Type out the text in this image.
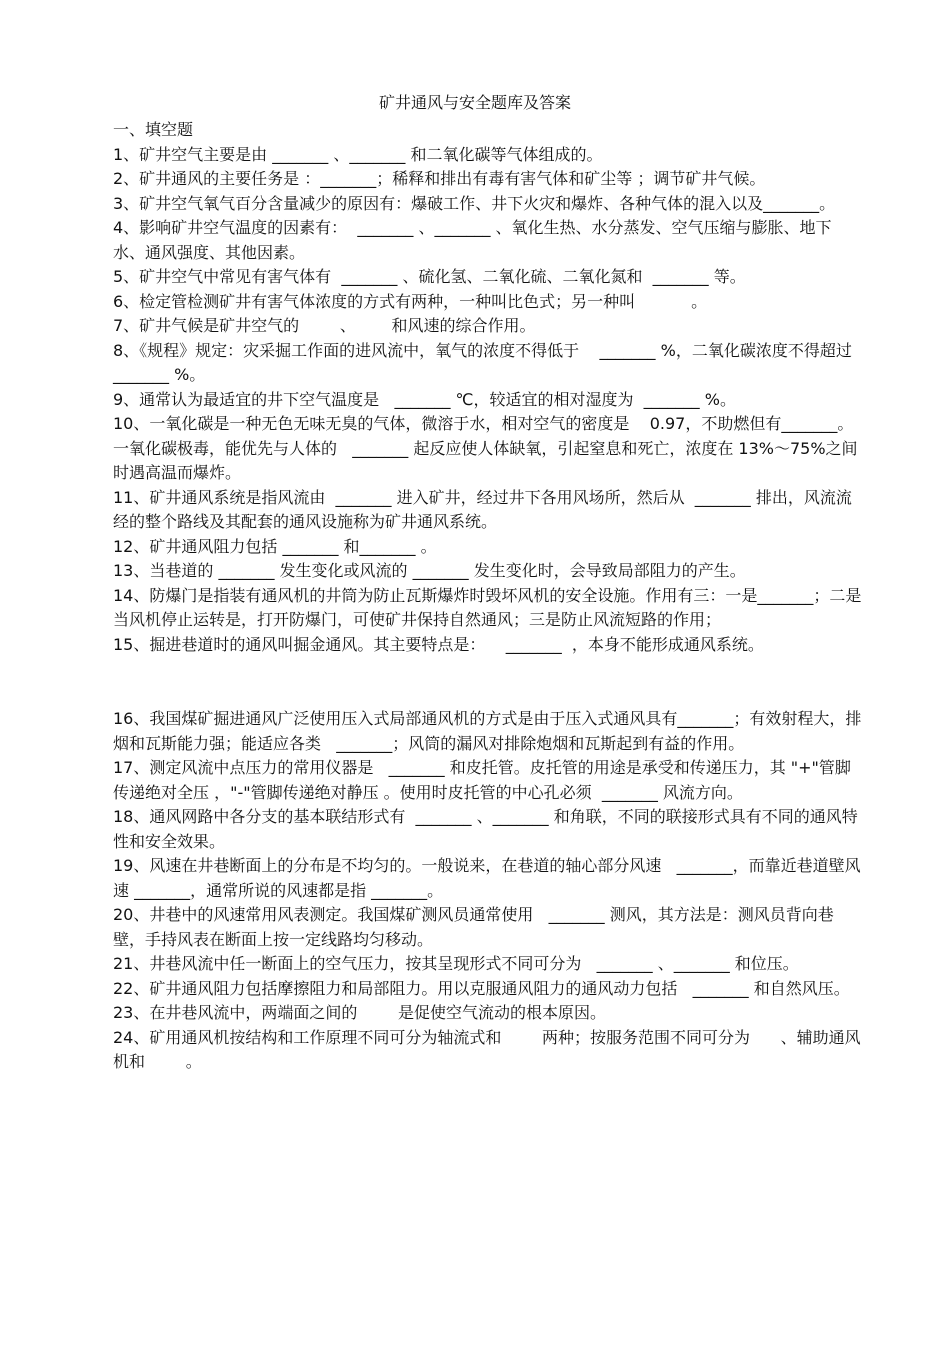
矿井通风与安全题库及答案

一、填空题

1、矿井空气主要是由 _______ 、_______ 和二氧化碳等气体组成的。

2、矿井通风的主要任务是 ：_______；稀释和排出有毒有害气体和矿尘等 ；调节矿井气候。

3、矿井空气氧气百分含量减少的原因有：爆破工作、井下火灾和爆炸、各种气体的混入以及_______。

4、影响矿井空气温度的因素有：  _______ 、_______ 、氧化生热、水分蒸发、空气压缩与膨胀、地下水、通风强度、其他因素。

5、矿井空气中常见有害气体有  _______ 、硫化氢、二氧化硫、二氧化氮和  _______ 等。

6、检定管检测矿井有害气体浓度的方式有两种，一种叫比色式；另一种叫           。

7、矿井气候是矿井空气的        、       和风速的综合作用。

8、《规程》规定：灾采掘工作面的进风流中，氧气的浓度不得低于    _______ %，二氧化碳浓度不得超过 _______ %。

9、通常认为最适宜的井下空气温度是   _______ ℃，较适宜的相对湿度为  _______ %。

10、一氧化碳是一种无色无味无臭的气体，微溶于水，相对空气的密度是    0.97，不助燃但有_______。一氧化碳极毒，能优先与人体的   _______ 起反应使人体缺氧，引起窒息和死亡，浓度在 13%～75%之间时遇高温而爆炸。

11、矿井通风系统是指风流由  _______ 进入矿井，经过井下各用风场所，然后从  _______ 排出，风流流经的整个路线及其配套的通风设施称为矿井通风系统。

12、矿井通风阻力包括 _______ 和_______ 。

13、当巷道的 _______ 发生变化或风流的 _______ 发生变化时，会导致局部阻力的产生。

14、防爆门是指装有通风机的井筒为防止瓦斯爆炸时毁坏风机的安全设施。作用有三：一是_______；二是当风机停止运转是，打开防爆门，可使矿井保持自然通风；三是防止风流短路的作用；

15、掘进巷道时的通风叫掘金通风。其主要特点是：    _______  ，本身不能形成通风系统。

16、我国煤矿掘进通风广泛使用压入式局部通风机的方式是由于压入式通风具有_______；有效射程大，排烟和瓦斯能力强；能适应各类   _______；风筒的漏风对排除炮烟和瓦斯起到有益的作用。

17、测定风流中点压力的常用仪器是   _______ 和皮托管。皮托管的用途是承受和传递压力，其 "+"管脚传递绝对全压 ，"-"管脚传递绝对静压 。使用时皮托管的中心孔必须  _______ 风流方向。

18、通风网路中各分支的基本联结形式有  _______ 、_______ 和角联，不同的联接形式具有不同的通风特性和安全效果。

19、风速在井巷断面上的分布是不均匀的。一般说来，在巷道的轴心部分风速   _______，而靠近巷道壁风速 _______，通常所说的风速都是指 _______。

20、井巷中的风速常用风表测定。我国煤矿测风员通常使用   _______ 测风，其方法是：测风员背向巷壁，手持风表在断面上按一定线路均匀移动。

21、井巷风流中任一断面上的空气压力，按其呈现形式不同可分为   _______ 、_______ 和位压。

22、矿井通风阻力包括摩擦阻力和局部阻力。用以克服通风阻力的通风动力包括   _______ 和自然风压。

23、在井巷风流中，两端面之间的        是促使空气流动的根本原因。

24、矿用通风机按结构和工作原理不同可分为轴流式和        两种；按服务范围不同可分为      、辅助通风机和        。
